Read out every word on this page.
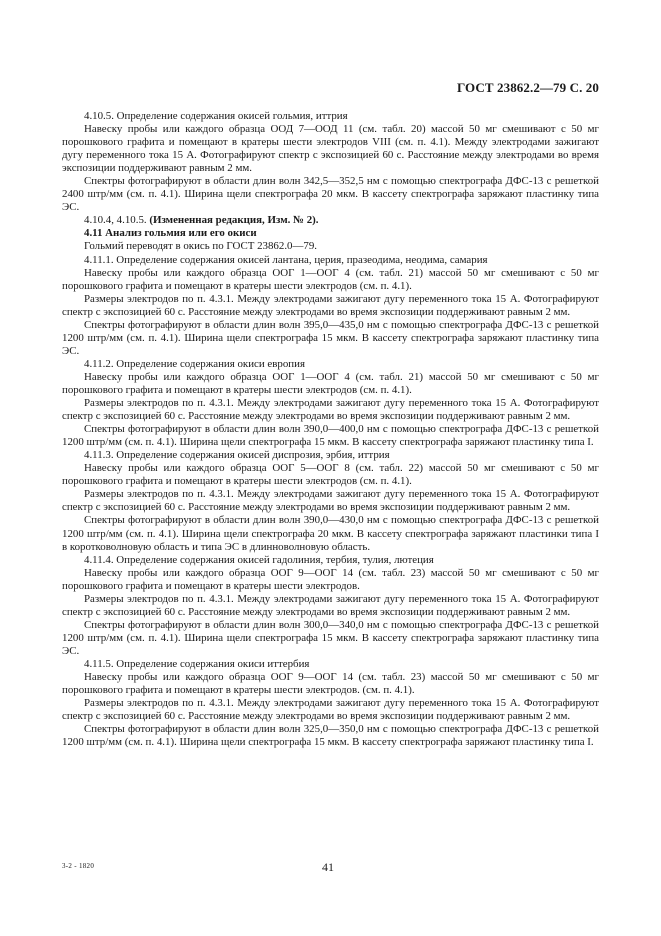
ГОСТ 23862.2—79 С. 20

4.10.5. Определение содержания окисей гольмия, иттрия

Навеску пробы или каждого образца ООД 7—ООД 11 (см. табл. 20) массой 50 мг смешивают с 50 мг порошкового графита и помещают в кратеры шести электродов VIII (см. п. 4.1). Между электродами зажигают дугу переменного тока 15 А. Фотографируют спектр с экспозицией 60 с. Расстояние между электродами во время экспозиции поддерживают равным 2 мм.

Спектры фотографируют в области длин волн 342,5—352,5 нм с помощью спектрографа ДФС-13 с решеткой 2400 штр/мм (см. п. 4.1). Ширина щели спектрографа 20 мкм. В кассету спектрографа заряжают пластинку типа ЭС.

4.10.4, 4.10.5. (Измененная редакция, Изм. № 2).

4.11 Анализ гольмия или его окиси

Гольмий переводят в окись по ГОСТ 23862.0—79.

4.11.1. Определение содержания окисей лантана, церия, празеодима, неодима, самария

Навеску пробы или каждого образца ООГ 1—ООГ 4 (см. табл. 21) массой 50 мг смешивают с 50 мг порошкового графита и помещают в кратеры шести электродов (см. п. 4.1).

Размеры электродов по п. 4.3.1. Между электродами зажигают дугу переменного тока 15 А. Фотографируют спектр с экспозицией 60 с. Расстояние между электродами во время экспозиции поддерживают равным 2 мм.

Спектры фотографируют в области длин волн 395,0—435,0 нм с помощью спектрографа ДФС-13 с решеткой 1200 штр/мм (см. п. 4.1). Ширина щели спектрографа 15 мкм. В кассету спектрографа заряжают пластинку типа ЭС.

4.11.2. Определение содержания окиси европия

Навеску пробы или каждого образца ООГ 1—ООГ 4 (см. табл. 21) массой 50 мг смешивают с 50 мг порошкового графита и помещают в кратеры шести электродов (см. п. 4.1).

Размеры электродов по п. 4.3.1. Между электродами зажигают дугу переменного тока 15 А. Фотографируют спектр с экспозицией 60 с. Расстояние между электродами во время экспозиции поддерживают равным 2 мм.

Спектры фотографируют в области длин волн 390,0—400,0 нм с помощью спектрографа ДФС-13 с решеткой 1200 штр/мм (см. п. 4.1). Ширина щели спектрографа 15 мкм. В кассету спектрографа заряжают пластинку типа I.

4.11.3. Определение содержания окисей диспрозия, эрбия, иттрия

Навеску пробы или каждого образца ООГ 5—ООГ 8 (см. табл. 22) массой 50 мг смешивают с 50 мг порошкового графита и помещают в кратеры шести электродов (см. п. 4.1).

Размеры электродов по п. 4.3.1. Между электродами зажигают дугу переменного тока 15 А. Фотографируют спектр с экспозицией 60 с. Расстояние между электродами во время экспозиции поддерживают равным 2 мм.

Спектры фотографируют в области длин волн 390,0—430,0 нм с помощью спектрографа ДФС-13 с решеткой 1200 штр/мм (см. п. 4.1). Ширина щели спектрографа 20 мкм. В кассету спектрографа заряжают пластинки типа I в коротковолновую область и типа ЭС в длинноволновую область.

4.11.4. Определение содержания окисей гадолиния, тербия, тулия, лютеция

Навеску пробы или каждого образца ООГ 9—ООГ 14 (см. табл. 23) массой 50 мг смешивают с 50 мг порошкового графита и помещают в кратеры шести электродов.

Размеры электродов по п. 4.3.1. Между электродами зажигают дугу переменного тока 15 А. Фотографируют спектр с экспозицией 60 с. Расстояние между электродами во время экспозиции поддерживают равным 2 мм.

Спектры фотографируют в области длин волн 300,0—340,0 нм с помощью спектрографа ДФС-13 с решеткой 1200 штр/мм (см. п. 4.1). Ширина щели спектрографа 15 мкм. В кассету спектрографа заряжают пластинку типа ЭС.

4.11.5. Определение содержания окиси иттербия

Навеску пробы или каждого образца ООГ 9—ООГ 14 (см. табл. 23) массой 50 мг смешивают с 50 мг порошкового графита и помещают в кратеры шести электродов. (см. п. 4.1).

Размеры электродов по п. 4.3.1. Между электродами зажигают дугу переменного тока 15 А. Фотографируют спектр с экспозицией 60 с. Расстояние между электродами во время экспозиции поддерживают равным 2 мм.

Спектры фотографируют в области длин волн 325,0—350,0 нм с помощью спектрографа ДФС-13 с решеткой 1200 штр/мм (см. п. 4.1). Ширина щели спектрографа 15 мкм. В кассету спектрографа заряжают пластинку типа I.

3-2 - 1820	41
